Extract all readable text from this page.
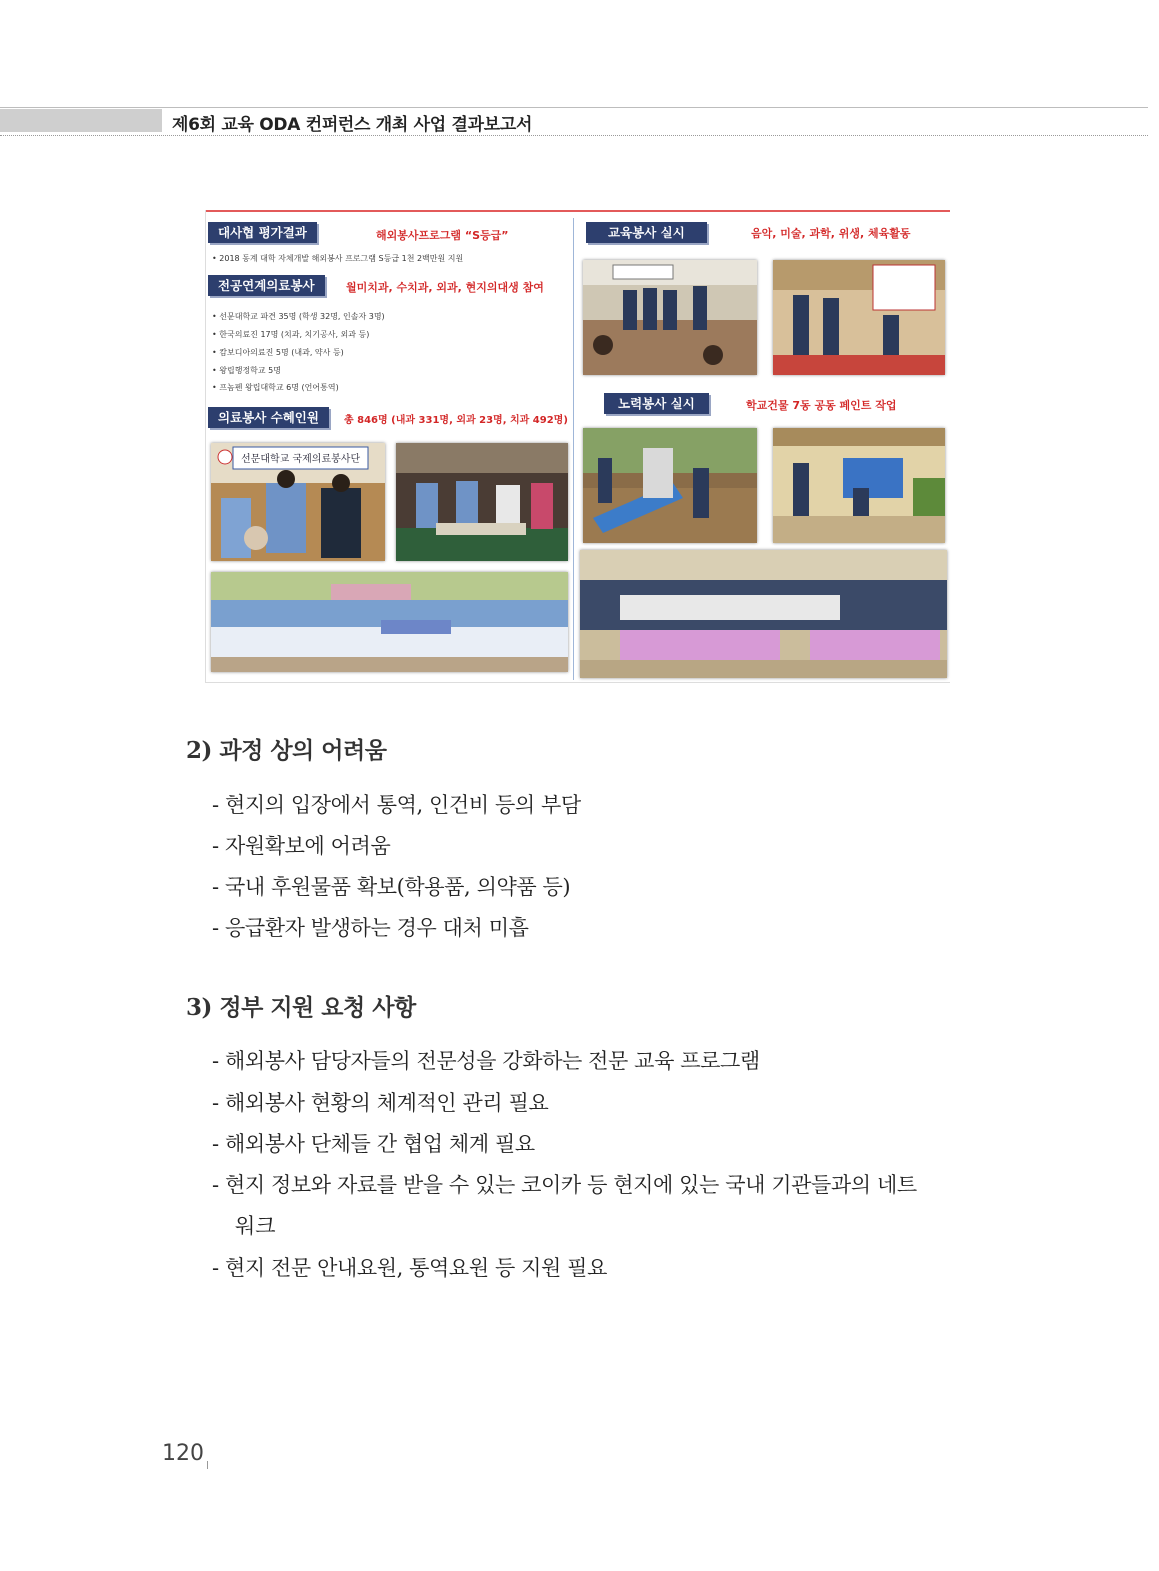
제6회 교육 ODA 컨퍼런스 개최 사업 결과보고서
대사협 평가결과	해외봉사프로그램 “S등급”
• 2018 동계 대학 자체개발 해외봉사 프로그램 S등급 1천 2백만원 지원
전공연계의료봉사	월미치과, 수치과, 외과, 현지의대생 참여
• 선문대학교 파견 35명 (학생 32명, 인솔자 3명)
• 한국의료진 17명 (치과, 치기공사, 외과 등)
• 캄보디아의료진 5명 (내과, 약사 등)
• 왕립행정학교 5명
• 프놈펜 왕립대학교 6명 (언어통역)
의료봉사 수혜인원	총 846명 (내과 331명, 외과 23명, 치과 492명)
교육봉사 실시	음악, 미술, 과학, 위생, 체육활동
노력봉사 실시	학교건물 7동 공동 페인트 작업
선문대학교 국제의료봉사단
2) 과정 상의 어려움
- 현지의 입장에서 통역, 인건비 등의 부담
- 자원확보에 어려움
- 국내 후원물품 확보(학용품, 의약품 등)
- 응급환자 발생하는 경우 대처 미흡
3) 정부 지원 요청 사항
- 해외봉사 담당자들의 전문성을 강화하는 전문 교육 프로그램
- 해외봉사 현황의 체계적인 관리 필요
- 해외봉사 단체들 간 협업 체계 필요
- 현지 정보와 자료를 받을 수 있는 코이카 등 현지에 있는 국내 기관들과의 네트
워크
- 현지 전문 안내요원, 통역요원 등 지원 필요
120
